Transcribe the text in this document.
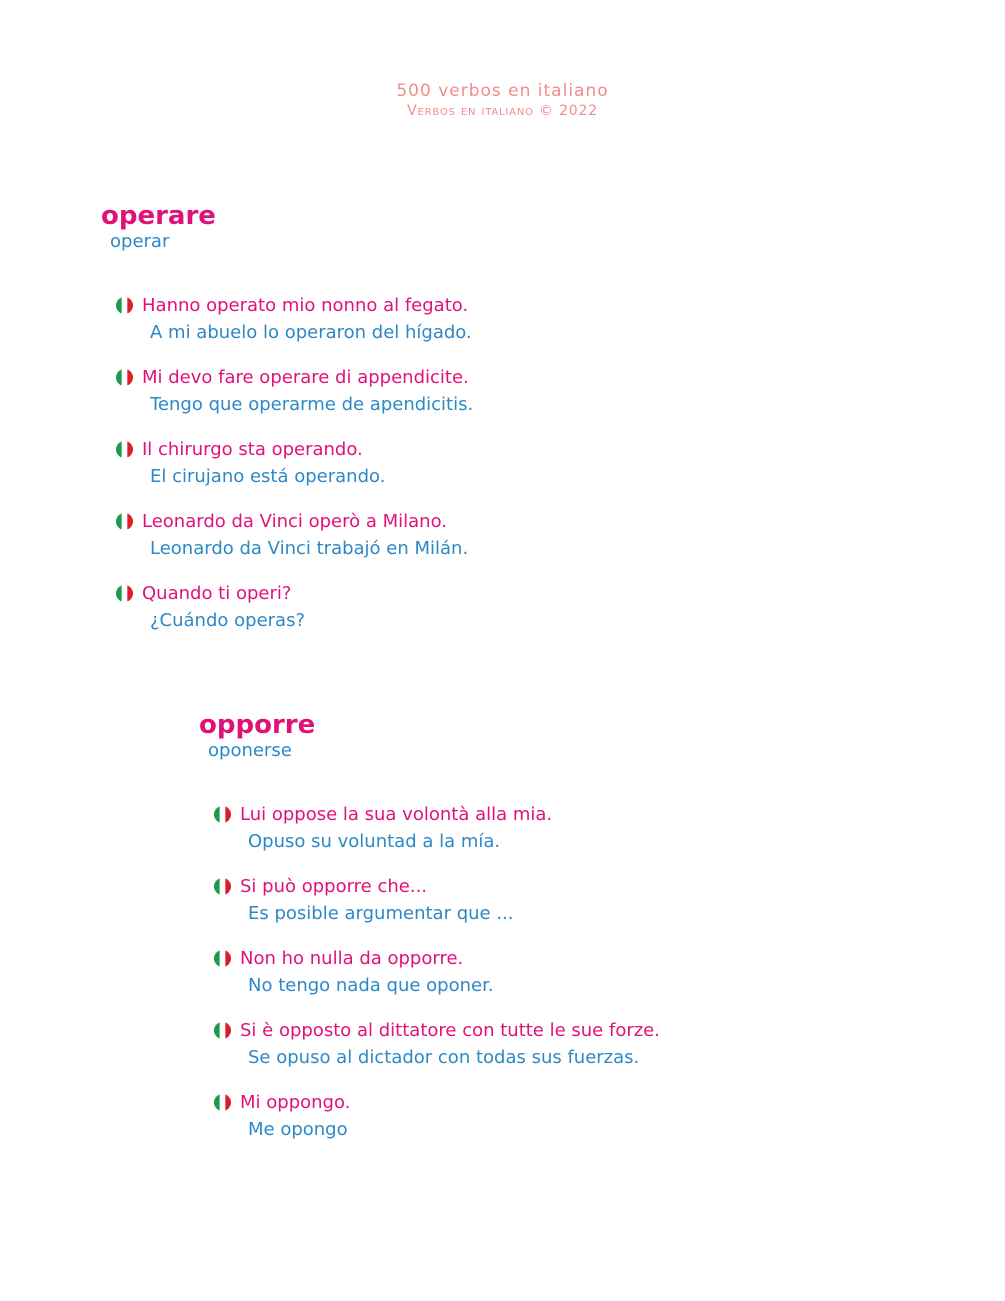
500 verbos en italiano
Verbos en italiano © 2022
operare
operar
Hanno operato mio nonno al fegato.
A mi abuelo lo operaron del hígado.
Mi devo fare operare di appendicite.
Tengo que operarme de apendicitis.
Il chirurgo sta operando.
El cirujano está operando.
Leonardo da Vinci operò a Milano.
Leonardo da Vinci trabajó en Milán.
Quando ti operi?
¿Cuándo operas?
opporre
oponerse
Lui oppose la sua volontà alla mia.
Opuso su voluntad a la mía.
Si può opporre che...
Es posible argumentar que ...
Non ho nulla da opporre.
No tengo nada que oponer.
Si è opposto al dittatore con tutte le sue forze.
Se opuso al dictador con todas sus fuerzas.
Mi oppongo.
Me opongo
